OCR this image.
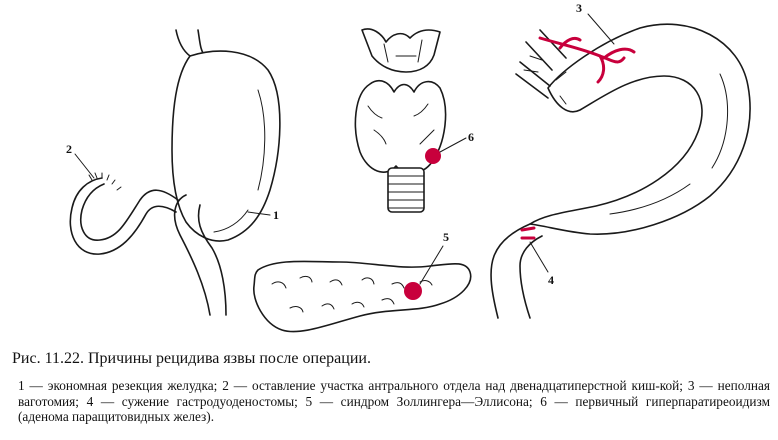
2
1
6
5
3
4
Рис. 11.22. Причины рецидива язвы после операции.
1 — экономная резекция желудка; 2 — оставление участка антрального отдела над двенадцатиперстной киш-кой; 3 — неполная ваготомия; 4 — сужение гастродуоденостомы; 5 — синдром Золлингера—Эллисона; 6 — первичный гиперпаратиреоидизм (аденома паращитовидных желез).
